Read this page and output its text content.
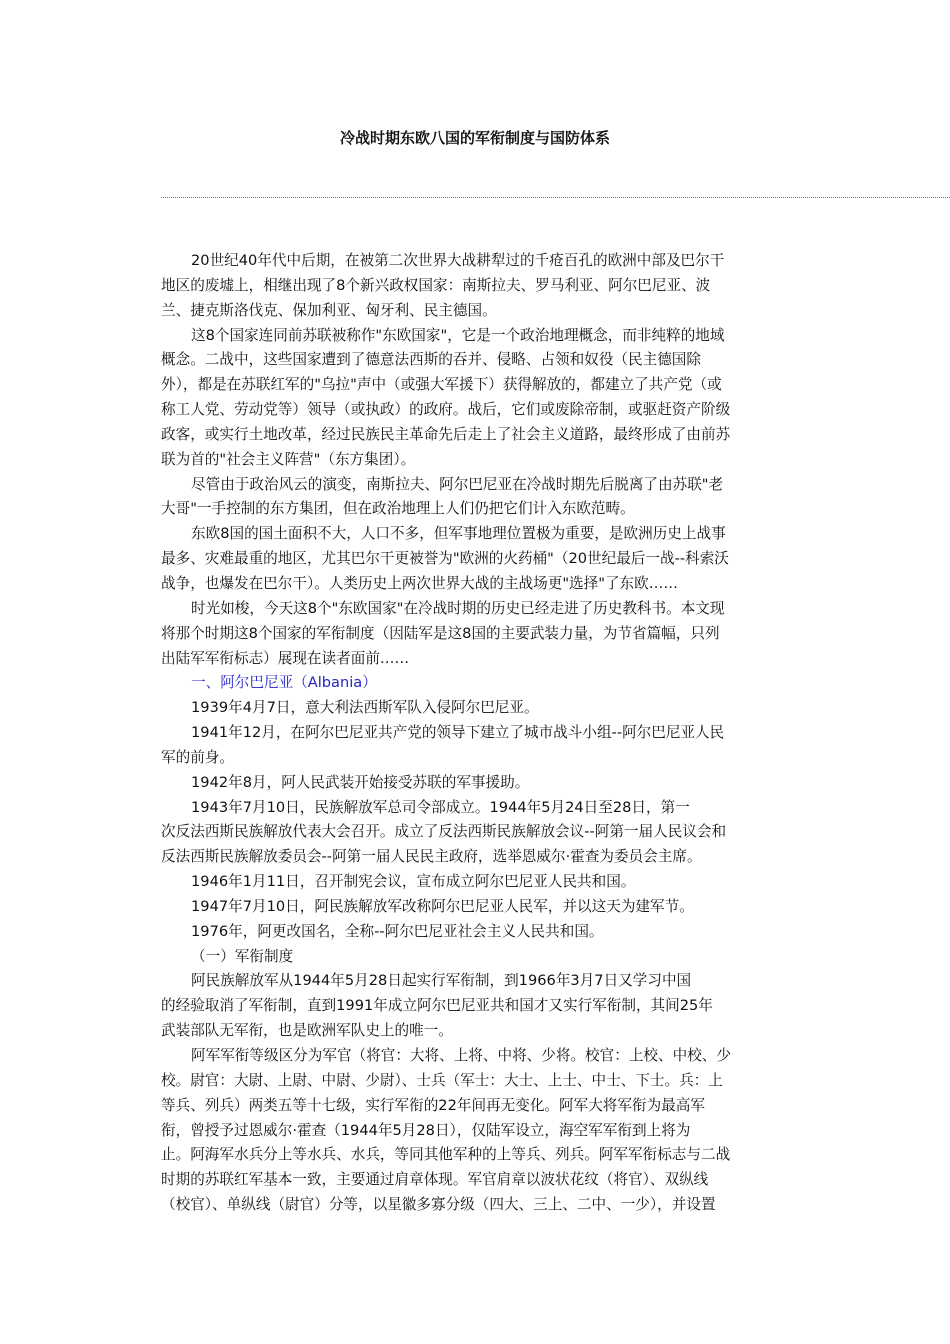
冷战时期东欧八国的军衔制度与国防体系
20世纪40年代中后期，在被第二次世界大战耕犁过的千疮百孔的欧洲中部及巴尔干
地区的废墟上，相继出现了8个新兴政权国家：南斯拉夫、罗马利亚、阿尔巴尼亚、波
兰、捷克斯洛伐克、保加利亚、匈牙利、民主德国。
这8个国家连同前苏联被称作"东欧国家"，它是一个政治地理概念，而非纯粹的地域
概念。二战中，这些国家遭到了德意法西斯的吞并、侵略、占领和奴役（民主德国除
外），都是在苏联红军的"乌拉"声中（或强大军援下）获得解放的，都建立了共产党（或
称工人党、劳动党等）领导（或执政）的政府。战后，它们或废除帝制，或驱赶资产阶级
政客，或实行土地改革，经过民族民主革命先后走上了社会主义道路，最终形成了由前苏
联为首的"社会主义阵营"（东方集团）。
尽管由于政治风云的演变，南斯拉夫、阿尔巴尼亚在冷战时期先后脱离了由苏联"老
大哥"一手控制的东方集团，但在政治地理上人们仍把它们计入东欧范畴。
东欧8国的国土面积不大，人口不多，但军事地理位置极为重要，是欧洲历史上战事
最多、灾难最重的地区，尤其巴尔干更被誉为"欧洲的火药桶"（20世纪最后一战--科索沃
战争，也爆发在巴尔干）。人类历史上两次世界大战的主战场更"选择"了东欧……
时光如梭，今天这8个"东欧国家"在冷战时期的历史已经走进了历史教科书。本文现
将那个时期这8个国家的军衔制度（因陆军是这8国的主要武装力量，为节省篇幅，只列
出陆军军衔标志）展现在读者面前……
一、阿尔巴尼亚（Albania）
1939年4月7日，意大利法西斯军队入侵阿尔巴尼亚。
1941年12月，在阿尔巴尼亚共产党的领导下建立了城市战斗小组--阿尔巴尼亚人民
军的前身。
1942年8月，阿人民武装开始接受苏联的军事援助。
1943年7月10日，民族解放军总司令部成立。1944年5月24日至28日，第一
次反法西斯民族解放代表大会召开。成立了反法西斯民族解放会议--阿第一届人民议会和
反法西斯民族解放委员会--阿第一届人民民主政府，选举恩威尔·霍查为委员会主席。
1946年1月11日，召开制宪会议，宣布成立阿尔巴尼亚人民共和国。
1947年7月10日，阿民族解放军改称阿尔巴尼亚人民军，并以这天为建军节。
1976年，阿更改国名，全称--阿尔巴尼亚社会主义人民共和国。
（一）军衔制度
阿民族解放军从1944年5月28日起实行军衔制，到1966年3月7日又学习中国
的经验取消了军衔制，直到1991年成立阿尔巴尼亚共和国才又实行军衔制，其间25年
武装部队无军衔，也是欧洲军队史上的唯一。
阿军军衔等级区分为军官（将官：大将、上将、中将、少将。校官：上校、中校、少
校。尉官：大尉、上尉、中尉、少尉）、士兵（军士：大士、上士、中士、下士。兵：上
等兵、列兵）两类五等十七级，实行军衔的22年间再无变化。阿军大将军衔为最高军
衔，曾授予过恩威尔·霍查（1944年5月28日），仅陆军设立，海空军军衔到上将为
止。阿海军水兵分上等水兵、水兵，等同其他军种的上等兵、列兵。阿军军衔标志与二战
时期的苏联红军基本一致，主要通过肩章体现。军官肩章以波状花纹（将官）、双纵线
（校官）、单纵线（尉官）分等，以星徽多寡分级（四大、三上、二中、一少），并设置
